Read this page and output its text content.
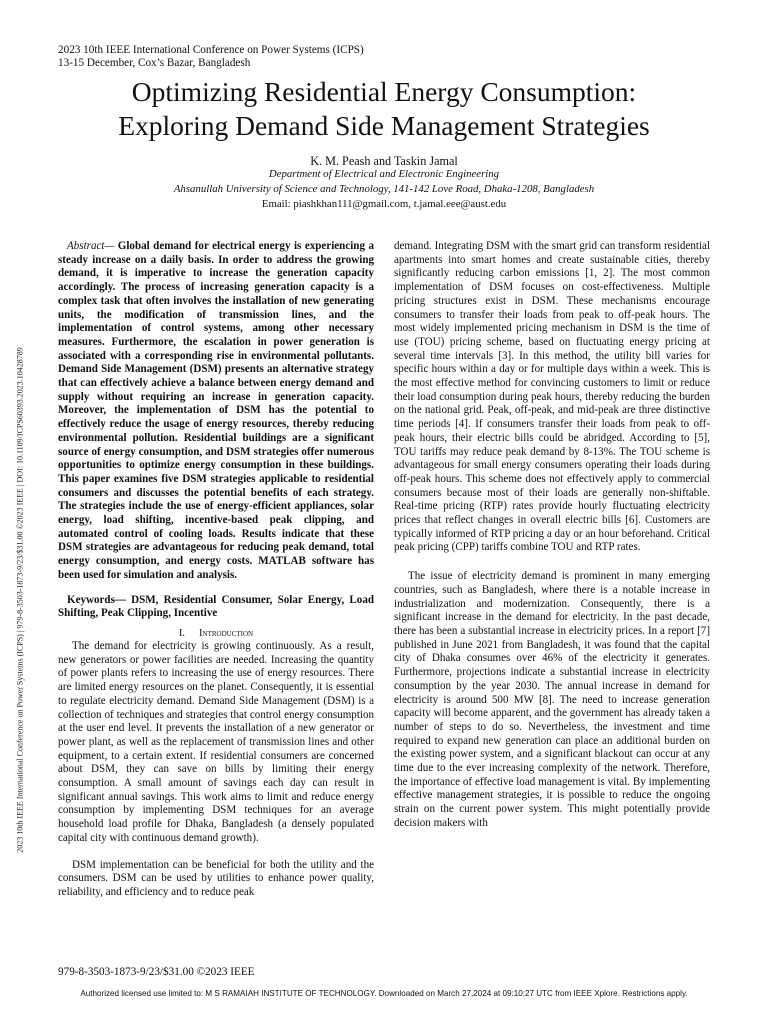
2023 10th IEEE International Conference on Power Systems (ICPS)
13-15 December, Cox’s Bazar, Bangladesh
Optimizing Residential Energy Consumption:
Exploring Demand Side Management Strategies
K. M. Peash and Taskin Jamal
Department of Electrical and Electronic Engineering
Ahsanullah University of Science and Technology, 141-142 Love Road, Dhaka-1208, Bangladesh
Email: piashkhan111@gmail.com, t.jamal.eee@aust.edu
2023 10th IEEE International Conference on Power Systems (ICPS) | 979-8-3503-1873-9/23/$31.00 ©2023 IEEE | DOI: 10.1109/ICPS60393.2023.10428789

Abstract— Global demand for electrical energy is experiencing a steady increase on a daily basis. In order to address the growing demand, it is imperative to increase the generation capacity accordingly. The process of increasing generation capacity is a complex task that often involves the installation of new generating units, the modification of transmission lines, and the implementation of control systems, among other necessary measures. Furthermore, the escalation in power generation is associated with a corresponding rise in environmental pollutants. Demand Side Management (DSM) presents an alternative strategy that can effectively achieve a balance between energy demand and supply without requiring an increase in generation capacity. Moreover, the implementation of DSM has the potential to effectively reduce the usage of energy resources, thereby reducing environmental pollution. Residential buildings are a significant source of energy consumption, and DSM strategies offer numerous opportunities to optimize energy consumption in these buildings. This paper examines five DSM strategies applicable to residential consumers and discusses the potential benefits of each strategy. The strategies include the use of energy-efficient appliances, solar energy, load shifting, incentive-based peak clipping, and automated control of cooling loads. Results indicate that these DSM strategies are advantageous for reducing peak demand, total energy consumption, and energy costs. MATLAB software has been used for simulation and analysis.

Keywords— DSM, Residential Consumer, Solar Energy, Load Shifting, Peak Clipping, Incentive

I. Introduction

The demand for electricity is growing continuously. As a result, new generators or power facilities are needed. Increasing the quantity of power plants refers to increasing the use of energy resources. There are limited energy resources on the planet. Consequently, it is essential to regulate electricity demand. Demand Side Management (DSM) is a collection of techniques and strategies that control energy consumption at the user end level. It prevents the installation of a new generator or power plant, as well as the replacement of transmission lines and other equipment, to a certain extent. If residential consumers are concerned about DSM, they can save on bills by limiting their energy consumption. A small amount of savings each day can result in significant annual savings. This work aims to limit and reduce energy consumption by implementing DSM techniques for an average household load profile for Dhaka, Bangladesh (a densely populated capital city with continuous demand growth).

DSM implementation can be beneficial for both the utility and the consumers. DSM can be used by utilities to enhance power quality, reliability, and efficiency and to reduce peak

demand. Integrating DSM with the smart grid can transform residential apartments into smart homes and create sustainable cities, thereby significantly reducing carbon emissions [1, 2]. The most common implementation of DSM focuses on cost-effectiveness. Multiple pricing structures exist in DSM. These mechanisms encourage consumers to transfer their loads from peak to off-peak hours. The most widely implemented pricing mechanism in DSM is the time of use (TOU) pricing scheme, based on fluctuating energy pricing at several time intervals [3]. In this method, the utility bill varies for specific hours within a day or for multiple days within a week. This is the most effective method for convincing customers to limit or reduce their load consumption during peak hours, thereby reducing the burden on the national grid. Peak, off-peak, and mid-peak are three distinctive time periods [4]. If consumers transfer their loads from peak to off-peak hours, their electric bills could be abridged. According to [5], TOU tariffs may reduce peak demand by 8-13%. The TOU scheme is advantageous for small energy consumers operating their loads during off-peak hours. This scheme does not effectively apply to commercial consumers because most of their loads are generally non-shiftable. Real-time pricing (RTP) rates provide hourly fluctuating electricity prices that reflect changes in overall electric bills [6]. Customers are typically informed of RTP pricing a day or an hour beforehand. Critical peak pricing (CPP) tariffs combine TOU and RTP rates.

The issue of electricity demand is prominent in many emerging countries, such as Bangladesh, where there is a notable increase in industrialization and modernization. Consequently, there is a significant increase in the demand for electricity. In the past decade, there has been a substantial increase in electricity prices. In a report [7] published in June 2021 from Bangladesh, it was found that the capital city of Dhaka consumes over 46% of the electricity it generates. Furthermore, projections indicate a substantial increase in electricity consumption by the year 2030. The annual increase in demand for electricity is around 500 MW [8]. The need to increase generation capacity will become apparent, and the government has already taken a number of steps to do so. Nevertheless, the investment and time required to expand new generation can place an additional burden on the existing power system, and a significant blackout can occur at any time due to the ever increasing complexity of the network. Therefore, the importance of effective load management is vital. By implementing effective management strategies, it is possible to reduce the ongoing strain on the current power system. This might potentially provide decision makers with

979-8-3503-1873-9/23/$31.00 ©2023 IEEE
Authorized licensed use limited to: M S RAMAIAH INSTITUTE OF TECHNOLOGY. Downloaded on March 27,2024 at 09:10:27 UTC from IEEE Xplore. Restrictions apply.
